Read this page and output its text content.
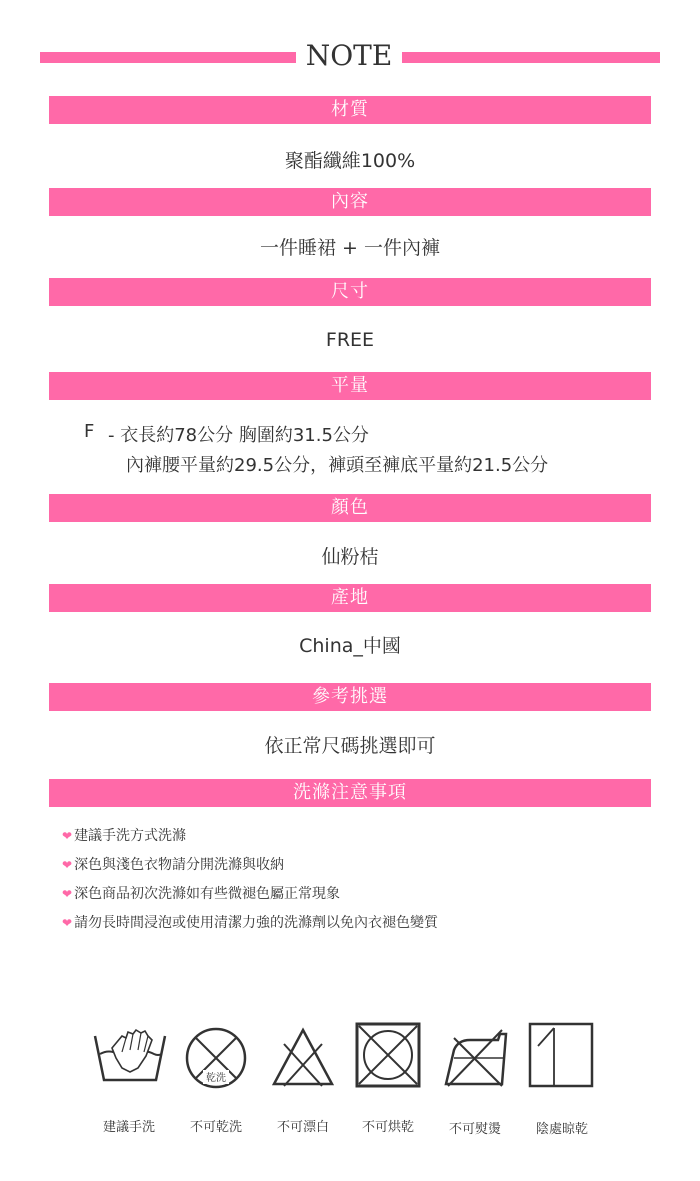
NOTE
材質
聚酯纖維100%
內容
一件睡裙 + 一件內褲
尺寸
FREE
平量
F - 衣長約78公分 胸圍約31.5公分
內褲腰平量約29.5公分，褲頭至褲底平量約21.5公分
顏色
仙粉桔
產地
China_中國
參考挑選
依正常尺碼挑選即可
洗滌注意事項
❤ 建議手洗方式洗滌
❤ 深色與淺色衣物請分開洗滌與收納
❤ 深色商品初次洗滌如有些微褪色屬正常現象
❤ 請勿長時間浸泡或使用清潔力強的洗滌劑以免內衣褪色變質
乾洗
建議手洗	不可乾洗	不可漂白	不可烘乾	不可熨燙	陰處晾乾
